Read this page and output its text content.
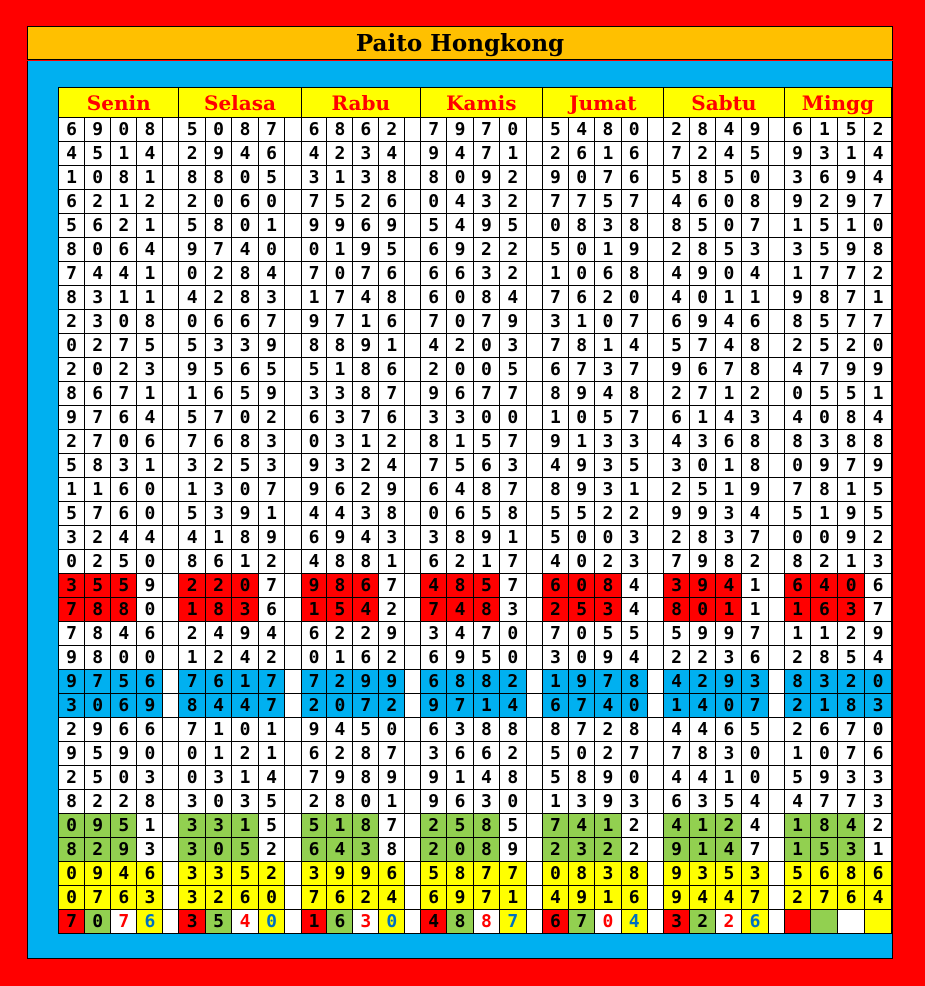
Paito Hongkong
Senin					Selasa					Rabu					Kamis					Jumat					Sabtu					Mingg			
6	9	0	8		5	0	8	7		6	8	6	2		7	9	7	0		5	4	8	0		2	8	4	9		6	1	5	2
4	5	1	4		2	9	4	6		4	2	3	4		9	4	7	1		2	6	1	6		7	2	4	5		9	3	1	4
1	0	8	1		8	8	0	5		3	1	3	8		8	0	9	2		9	0	7	6		5	8	5	0		3	6	9	4
6	2	1	2		2	0	6	0		7	5	2	6		0	4	3	2		7	7	5	7		4	6	0	8		9	2	9	7
5	6	2	1		5	8	0	1		9	9	6	9		5	4	9	5		0	8	3	8		8	5	0	7		1	5	1	0
8	0	6	4		9	7	4	0		0	1	9	5		6	9	2	2		5	0	1	9		2	8	5	3		3	5	9	8
7	4	4	1		0	2	8	4		7	0	7	6		6	6	3	2		1	0	6	8		4	9	0	4		1	7	7	2
8	3	1	1		4	2	8	3		1	7	4	8		6	0	8	4		7	6	2	0		4	0	1	1		9	8	7	1
2	3	0	8		0	6	6	7		9	7	1	6		7	0	7	9		3	1	0	7		6	9	4	6		8	5	7	7
0	2	7	5		5	3	3	9		8	8	9	1		4	2	0	3		7	8	1	4		5	7	4	8		2	5	2	0
2	0	2	3		9	5	6	5		5	1	8	6		2	0	0	5		6	7	3	7		9	6	7	8		4	7	9	9
8	6	7	1		1	6	5	9		3	3	8	7		9	6	7	7		8	9	4	8		2	7	1	2		0	5	5	1
9	7	6	4		5	7	0	2		6	3	7	6		3	3	0	0		1	0	5	7		6	1	4	3		4	0	8	4
2	7	0	6		7	6	8	3		0	3	1	2		8	1	5	7		9	1	3	3		4	3	6	8		8	3	8	8
5	8	3	1		3	2	5	3		9	3	2	4		7	5	6	3		4	9	3	5		3	0	1	8		0	9	7	9
1	1	6	0		1	3	0	7		9	6	2	9		6	4	8	7		8	9	3	1		2	5	1	9		7	8	1	5
5	7	6	0		5	3	9	1		4	4	3	8		0	6	5	8		5	5	2	2		9	9	3	4		5	1	9	5
3	2	4	4		4	1	8	9		6	9	4	3		3	8	9	1		5	0	0	3		2	8	3	7		0	0	9	2
0	2	5	0		8	6	1	2		4	8	8	1		6	2	1	7		4	0	2	3		7	9	8	2		8	2	1	3
3	5	5	9		2	2	0	7		9	8	6	7		4	8	5	7		6	0	8	4		3	9	4	1		6	4	0	6
7	8	8	0		1	8	3	6		1	5	4	2		7	4	8	3		2	5	3	4		8	0	1	1		1	6	3	7
7	8	4	6		2	4	9	4		6	2	2	9		3	4	7	0		7	0	5	5		5	9	9	7		1	1	2	9
9	8	0	0		1	2	4	2		0	1	6	2		6	9	5	0		3	0	9	4		2	2	3	6		2	8	5	4
9	7	5	6		7	6	1	7		7	2	9	9		6	8	8	2		1	9	7	8		4	2	9	3		8	3	2	0
3	0	6	9		8	4	4	7		2	0	7	2		9	7	1	4		6	7	4	0		1	4	0	7		2	1	8	3
2	9	6	6		7	1	0	1		9	4	5	0		6	3	8	8		8	7	2	8		4	4	6	5		2	6	7	0
9	5	9	0		0	1	2	1		6	2	8	7		3	6	6	2		5	0	2	7		7	8	3	0		1	0	7	6
2	5	0	3		0	3	1	4		7	9	8	9		9	1	4	8		5	8	9	0		4	4	1	0		5	9	3	3
8	2	2	8		3	0	3	5		2	8	0	1		9	6	3	0		1	3	9	3		6	3	5	4		4	7	7	3
0	9	5	1		3	3	1	5		5	1	8	7		2	5	8	5		7	4	1	2		4	1	2	4		1	8	4	2
8	2	9	3		3	0	5	2		6	4	3	8		2	0	8	9		2	3	2	2		9	1	4	7		1	5	3	1
0	9	4	6		3	3	5	2		3	9	9	6		5	8	7	7		0	8	3	8		9	3	5	3		5	6	8	6
0	7	6	3		3	2	6	0		7	6	2	4		6	9	7	1		4	9	1	6		9	4	4	7		2	7	6	4
7	0	7	6		3	5	4	0		1	6	3	0		4	8	8	7		6	7	0	4		3	2	2	6					
